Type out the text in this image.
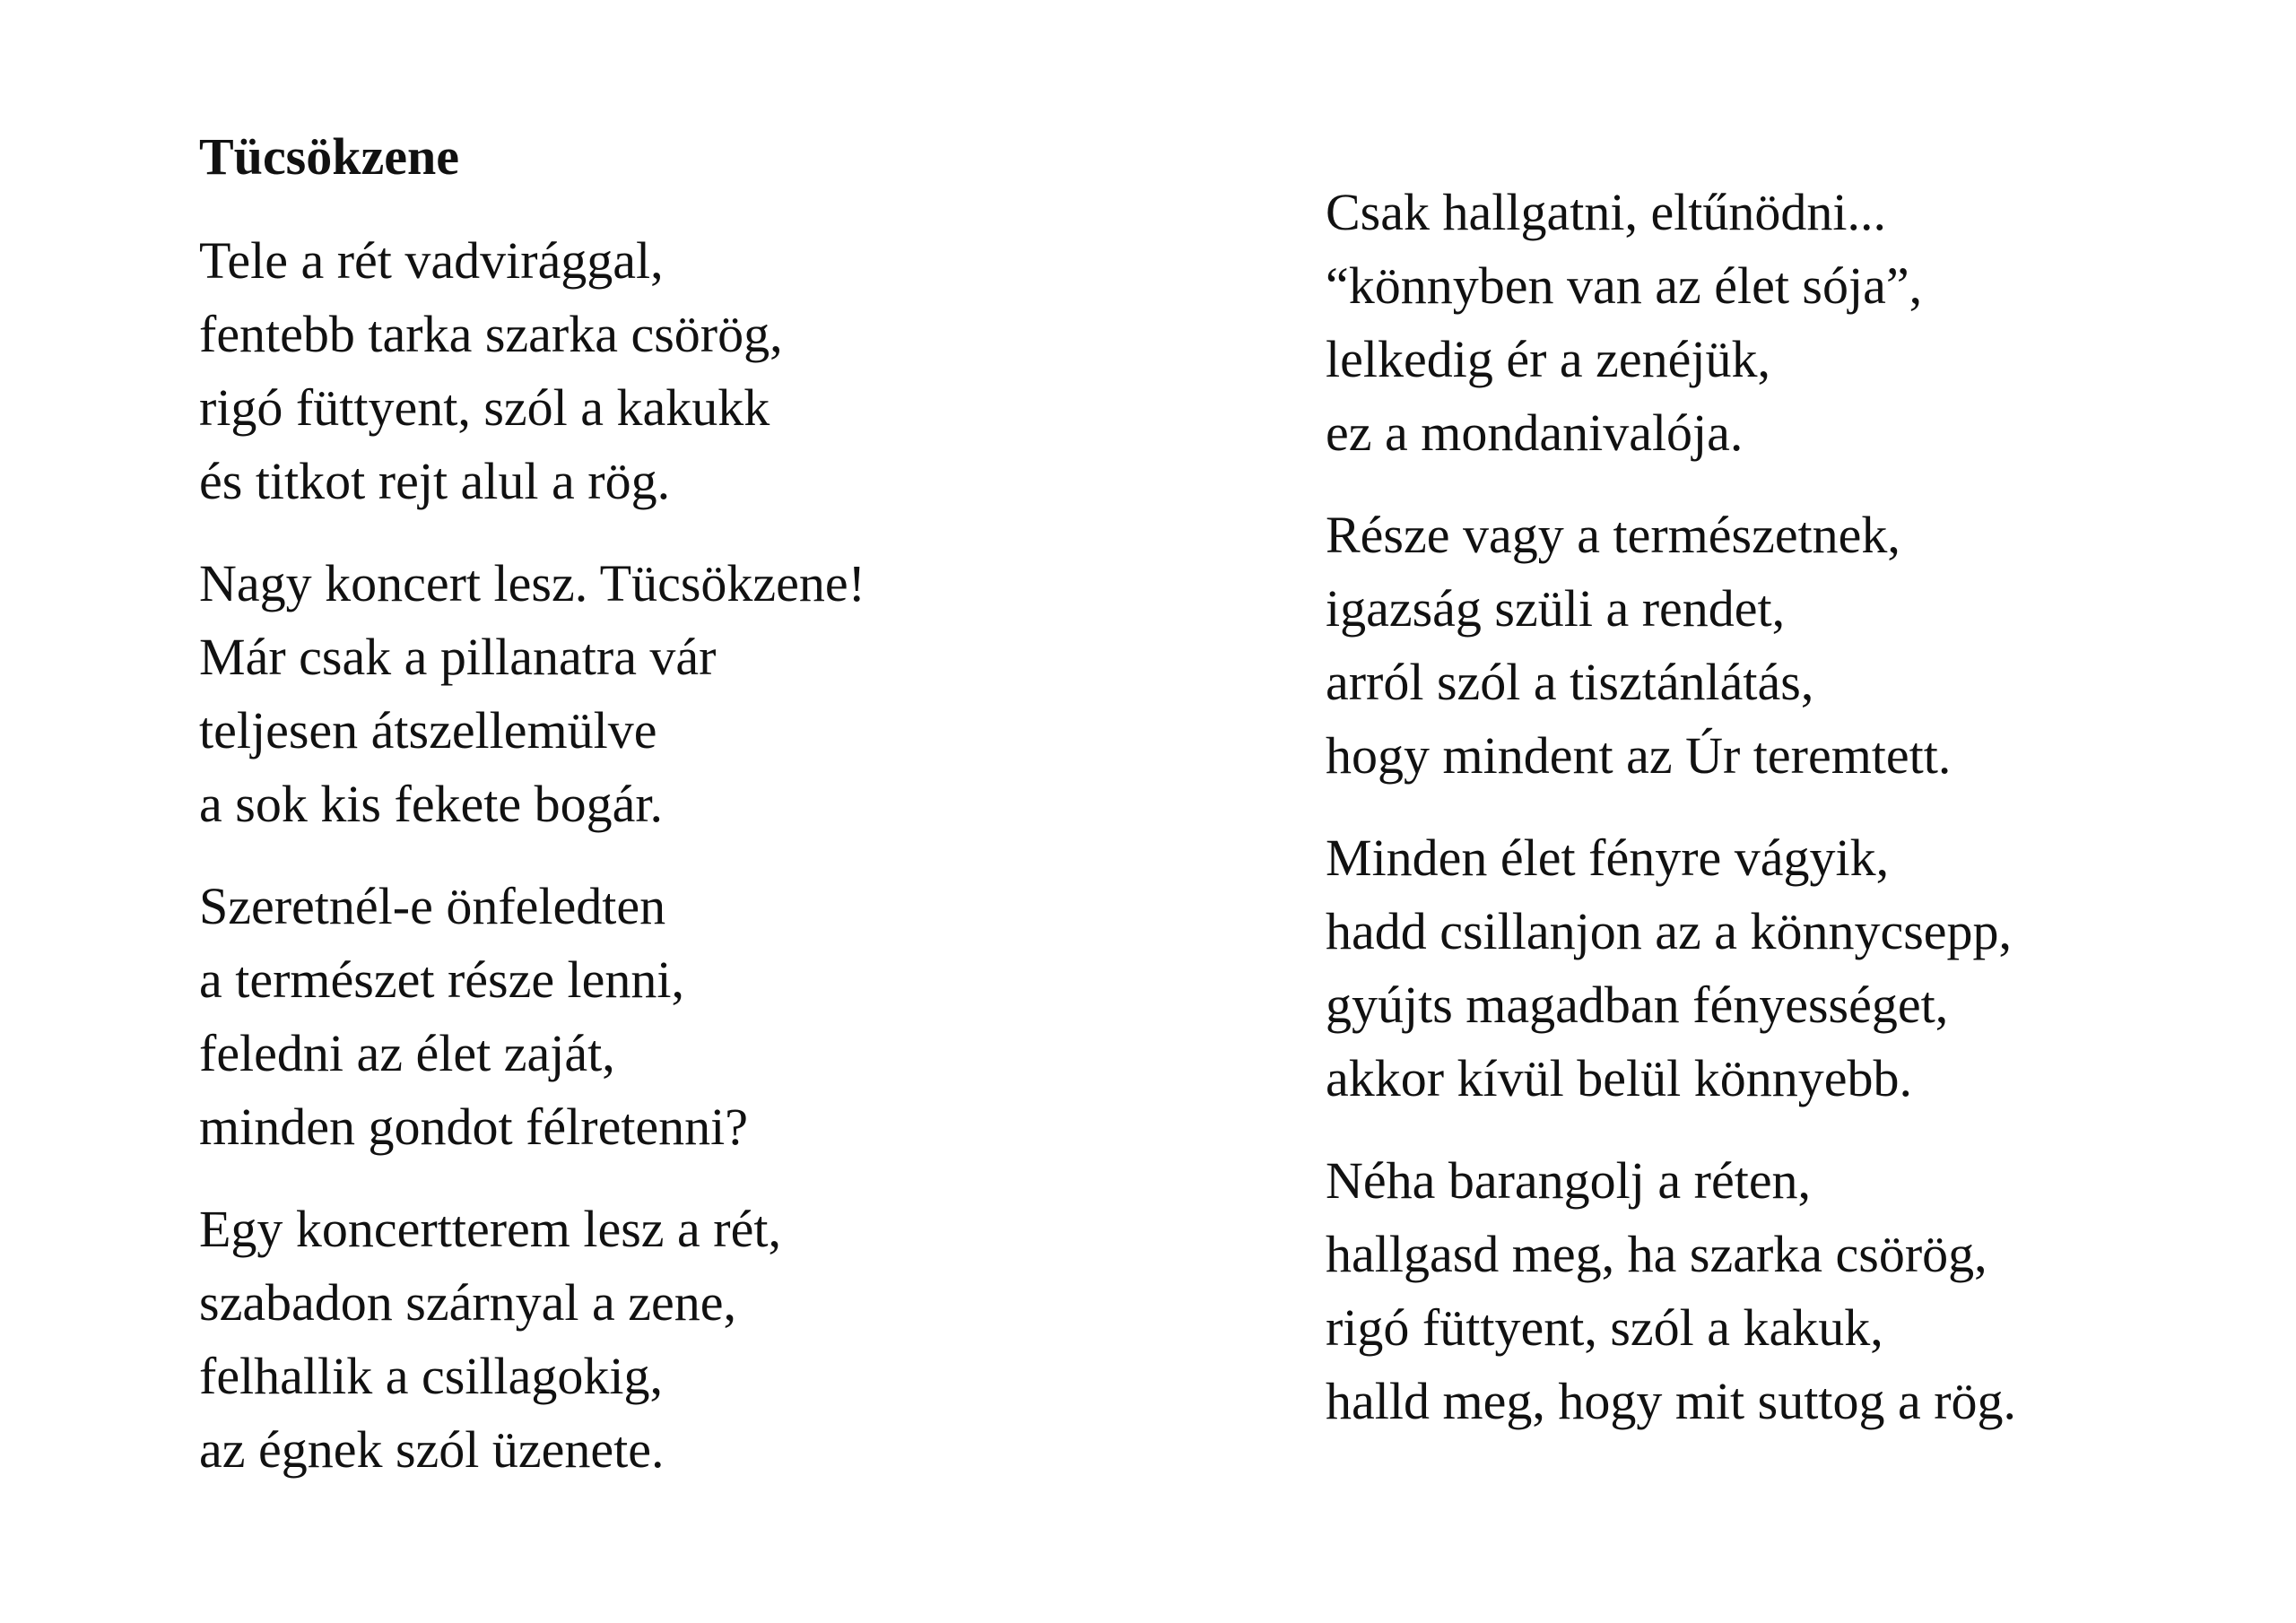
Tücsökzene
Tele a rét vadvirággal,
fentebb tarka szarka csörög,
rigó füttyent, szól a kakukk
és titkot rejt alul a rög.
Nagy koncert lesz. Tücsökzene!
Már csak a pillanatra vár
teljesen átszellemülve
a sok kis fekete bogár.
Szeretnél-e önfeledten
a természet része lenni,
feledni az élet zaját,
minden gondot félretenni?
Egy koncertterem lesz a rét,
szabadon szárnyal a zene,
felhallik a csillagokig,
az égnek szól üzenete.
Csak hallgatni, eltűnödni...
“könnyben van az élet sója”,
lelkedig ér a zenéjük,
ez a mondanivalója.
Része vagy a természetnek,
igazság szüli a rendet,
arról szól a tisztánlátás,
hogy mindent az Úr teremtett.
Minden élet fényre vágyik,
hadd csillanjon az a könnycsepp,
gyújts magadban fényességet,
akkor kívül belül könnyebb.
Néha barangolj a réten,
hallgasd meg, ha szarka csörög,
rigó füttyent, szól a kakuk,
halld meg, hogy mit suttog a rög.
